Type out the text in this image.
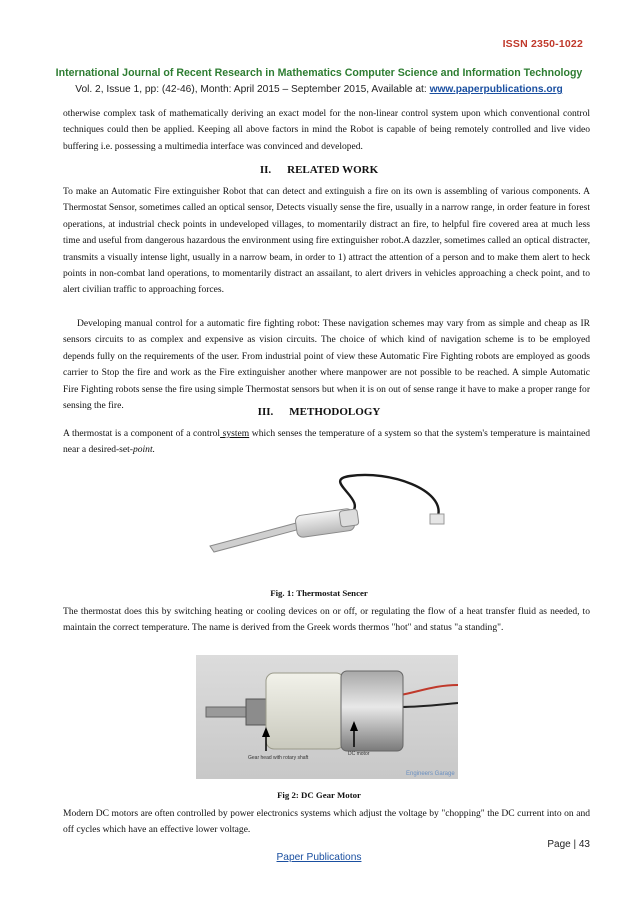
ISSN 2350-1022
International Journal of Recent Research in Mathematics Computer Science and Information Technology
Vol. 2, Issue 1, pp: (42-46), Month: April 2015 – September 2015, Available at: www.paperpublications.org
otherwise complex task of mathematically deriving an exact model for the non-linear control system upon which conventional control techniques could then be applied. Keeping all above factors in mind the Robot is capable of being remotely controlled and live video buffering i.e. possessing a multimedia interface was convinced and developed.
II. RELATED WORK
To make an Automatic Fire extinguisher Robot that can detect and extinguish a fire on its own is assembling of various components. A Thermostat Sensor, sometimes called an optical sensor, Detects visually sense the fire, usually in a narrow range, in order feature in forest operations, at industrial check points in undeveloped villages, to momentarily distract an fire, to helpful fire covered area at much less time and useful from dangerous hazardous the environment using fire extinguisher robot.A dazzler, sometimes called an optical distracter, transmits a visually intense light, usually in a narrow beam, in order to 1) attract the attention of a person and to make them alert to heck points in non-combat land operations, to momentarily distract an assailant, to alert drivers in vehicles approaching a check point, and to alert civilian traffic to approaching forces.
Developing manual control for a automatic fire fighting robot: These navigation schemes may vary from as simple and cheap as IR sensors circuits to as complex and expensive as vision circuits. The choice of which kind of navigation scheme is to be employed depends fully on the requirements of the user. From industrial point of view these Automatic Fire Fighting robots are employed as goods carrier to Stop the fire and work as the Fire extinguisher another where manpower are not possible to be reached. A simple Automatic Fire Fighting robots sense the fire using simple Thermostat sensors but when it is on out of sense range it have to make a proper range for sensing the fire.
III. METHODOLOGY
A thermostat is a component of a control system which senses the temperature of a system so that the system's temperature is maintained near a desired-set-point.
Fig. 1: Thermostat Sencer
The thermostat does this by switching heating or cooling devices on or off, or regulating the flow of a heat transfer fluid as needed, to maintain the correct temperature. The name is derived from the Greek words thermos "hot" and status "a standing".
Gear head with rotary shaft
DC motor
Engineers Garage
Fig 2: DC Gear Motor
Modern DC motors are often controlled by power electronics systems which adjust the voltage by "chopping" the DC current into on and off cycles which have an effective lower voltage.
Page | 43
Paper Publications
